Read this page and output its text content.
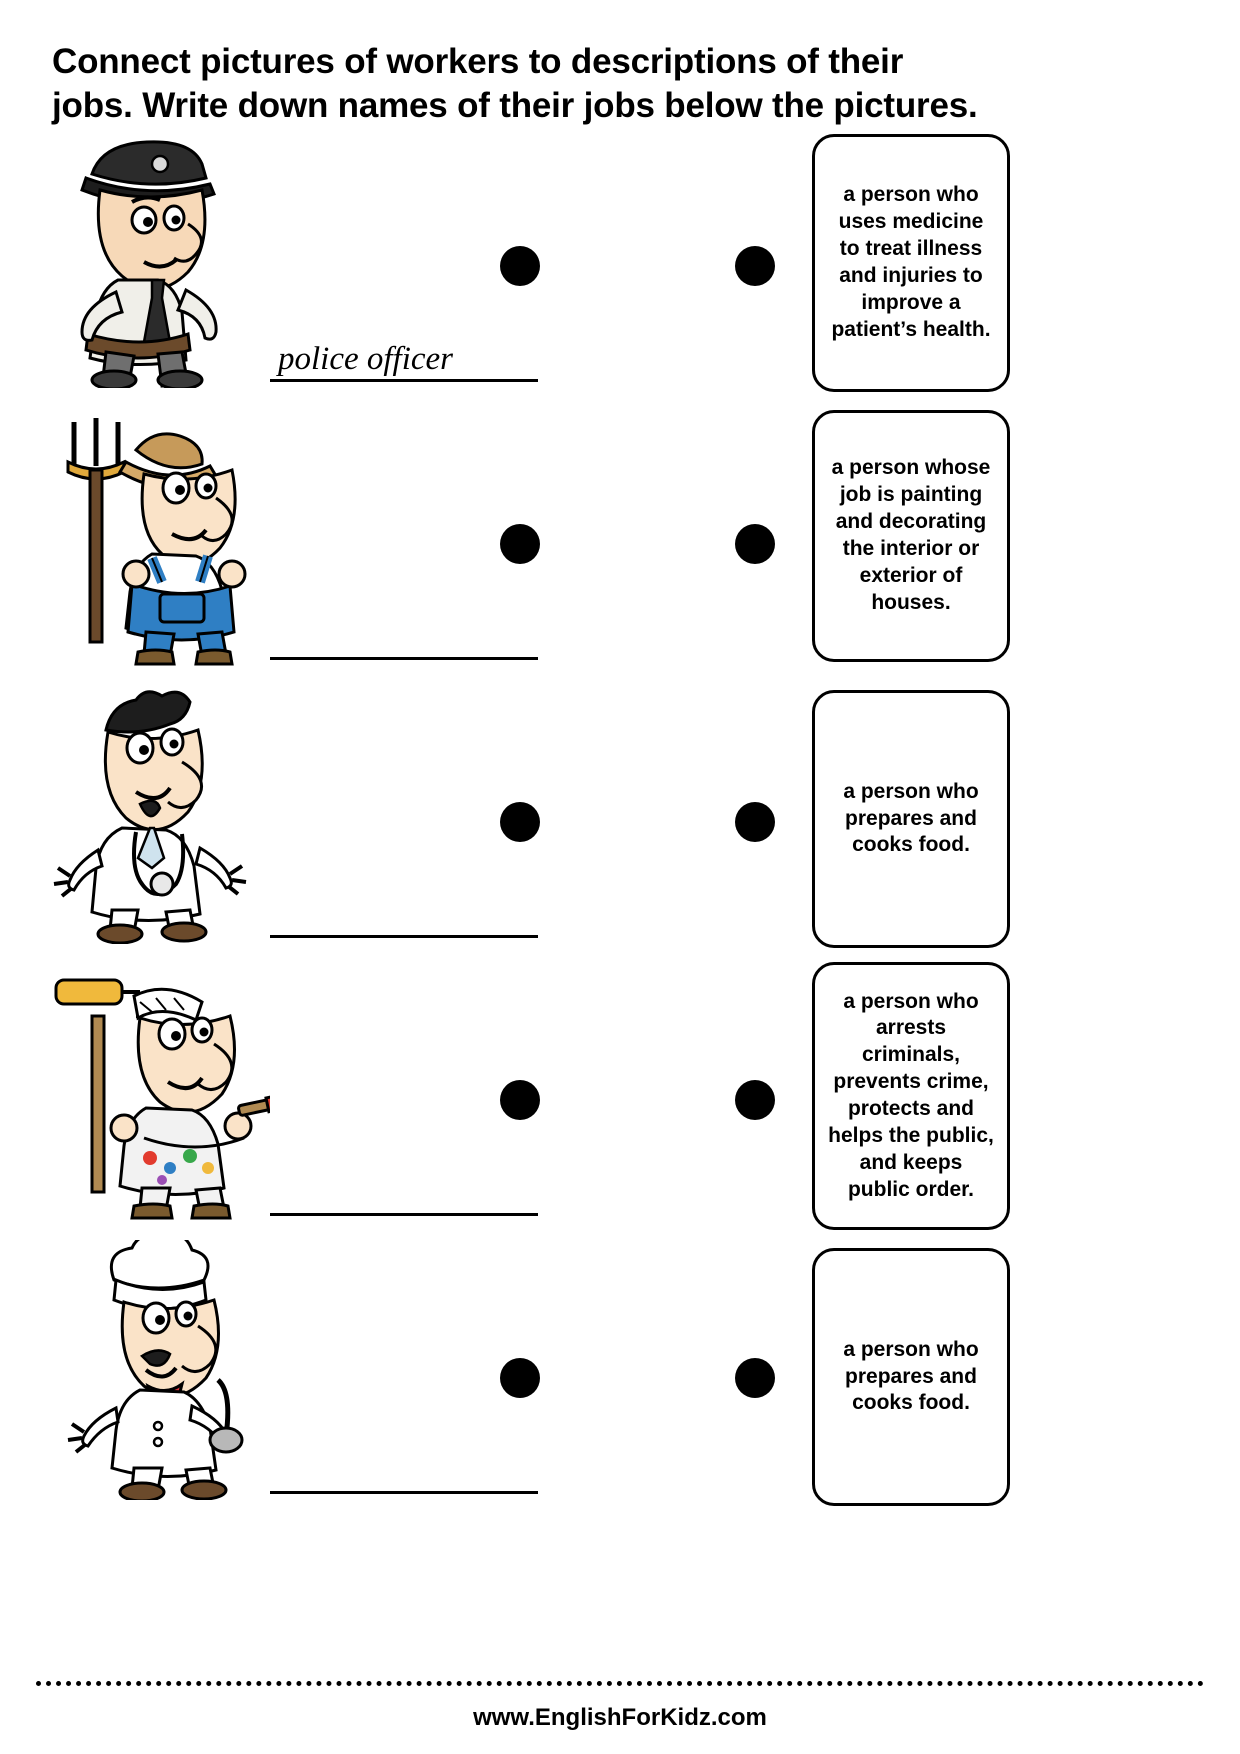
Connect pictures of workers to descriptions of their
jobs. Write down names of their jobs below the pictures.
police officer
a person who uses medicine to treat illness and injuries to improve a patient’s health.
a person whose job is painting and decorating the interior or exterior of houses.
a person who prepares and cooks food.
a person who arrests criminals, prevents crime, protects and helps the public, and keeps public order.
a person who prepares and cooks food.
www.EnglishForKidz.com
